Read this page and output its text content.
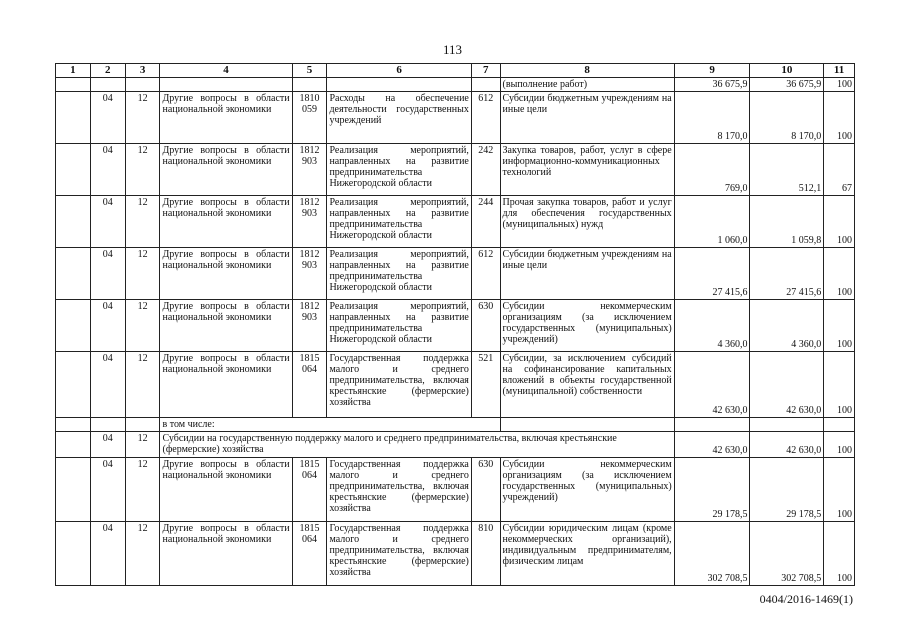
113
1	2	3	4	5	6	7	8	9	10	11
							(выполнение работ)	36 675,9	36 675,9	100
	04	12	Другие вопросы в области национальной экономики	1810 059	Расходы на обеспечение деятельности государственных учреждений	612	Субсидии бюджетным учреждениям на иные цели	8 170,0	8 170,0	100
	04	12	Другие вопросы в области национальной экономики	1812 903	Реализация мероприятий, направленных на развитие предпринимательства Нижегородской области	242	Закупка товаров, работ, услуг в сфере информационно-коммуникационных технологий	769,0	512,1	67
	04	12	Другие вопросы в области национальной экономики	1812 903	Реализация мероприятий, направленных на развитие предпринимательства Нижегородской области	244	Прочая закупка товаров, работ и услуг для обеспечения государственных (муниципальных) нужд	1 060,0	1 059,8	100
	04	12	Другие вопросы в области национальной экономики	1812 903	Реализация мероприятий, направленных на развитие предпринимательства Нижегородской области	612	Субсидии бюджетным учреждениям на иные цели	27 415,6	27 415,6	100
	04	12	Другие вопросы в области национальной экономики	1812 903	Реализация мероприятий, направленных на развитие предпринимательства Нижегородской области	630	Субсидии некоммерческим организациям (за исключением государственных (муниципальных) учреждений)	4 360,0	4 360,0	100
	04	12	Другие вопросы в области национальной экономики	1815 064	Государственная поддержка малого и среднего предпринимательства, включая крестьянские (фермерские) хозяйства	521	Субсидии, за исключением субсидий на софинансирование капитальных вложений в объекты государственной (муниципальной) собственности	42 630,0	42 630,0	100
			в том числе:							
	04	12	Субсидии на государственную поддержку малого и среднего предпринимательства, включая крестьянские (фермерские) хозяйства					42 630,0	42 630,0	100
	04	12	Другие вопросы в области национальной экономики	1815 064	Государственная поддержка малого и среднего предпринимательства, включая крестьянские (фермерские) хозяйства	630	Субсидии некоммерческим организациям (за исключением государственных (муниципальных) учреждений)	29 178,5	29 178,5	100
	04	12	Другие вопросы в области национальной экономики	1815 064	Государственная поддержка малого и среднего предпринимательства, включая крестьянские (фермерские) хозяйства	810	Субсидии юридическим лицам (кроме некоммерческих организаций), индивидуальным предпринимателям, физическим лицам	302 708,5	302 708,5	100
0404/2016-1469(1)
